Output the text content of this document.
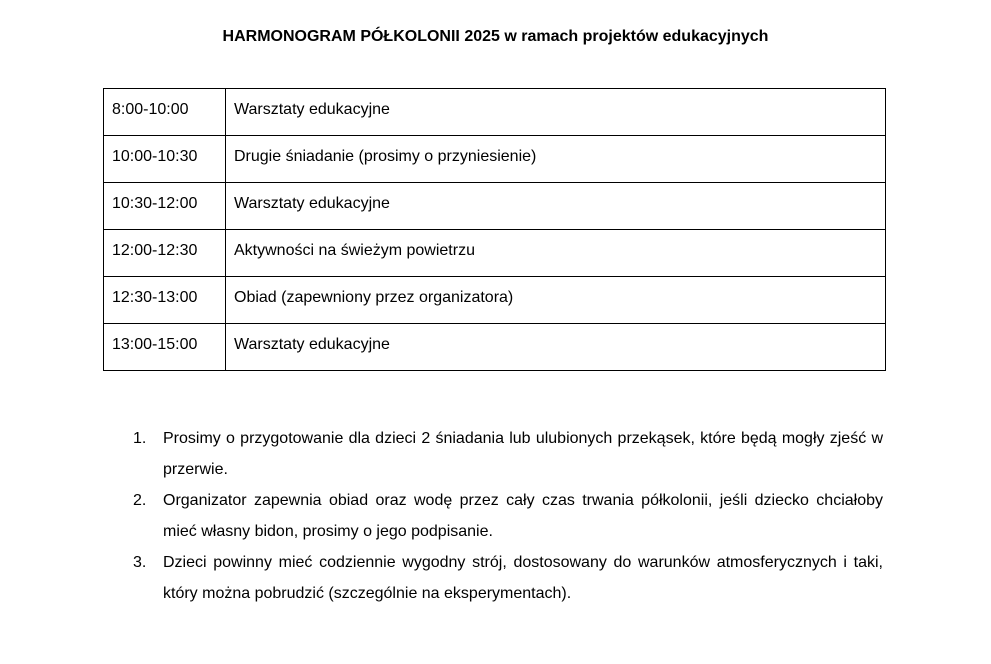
HARMONOGRAM PÓŁKOLONII 2025 w ramach projektów edukacyjnych
8:00-10:00	Warsztaty edukacyjne
10:00-10:30	Drugie śniadanie (prosimy o przyniesienie)
10:30-12:00	Warsztaty edukacyjne
12:00-12:30	Aktywności na świeżym powietrzu
12:30-13:00	Obiad (zapewniony przez organizatora)
13:00-15:00	Warsztaty edukacyjne
1. Prosimy o przygotowanie dla dzieci 2 śniadania lub ulubionych przekąsek, które będą mogły zjeść w przerwie.
2. Organizator zapewnia obiad oraz wodę przez cały czas trwania półkolonii, jeśli dziecko chciałoby mieć własny bidon, prosimy o jego podpisanie.
3. Dzieci powinny mieć codziennie wygodny strój, dostosowany do warunków atmosferycznych i taki, który można pobrudzić (szczególnie na eksperymentach).
